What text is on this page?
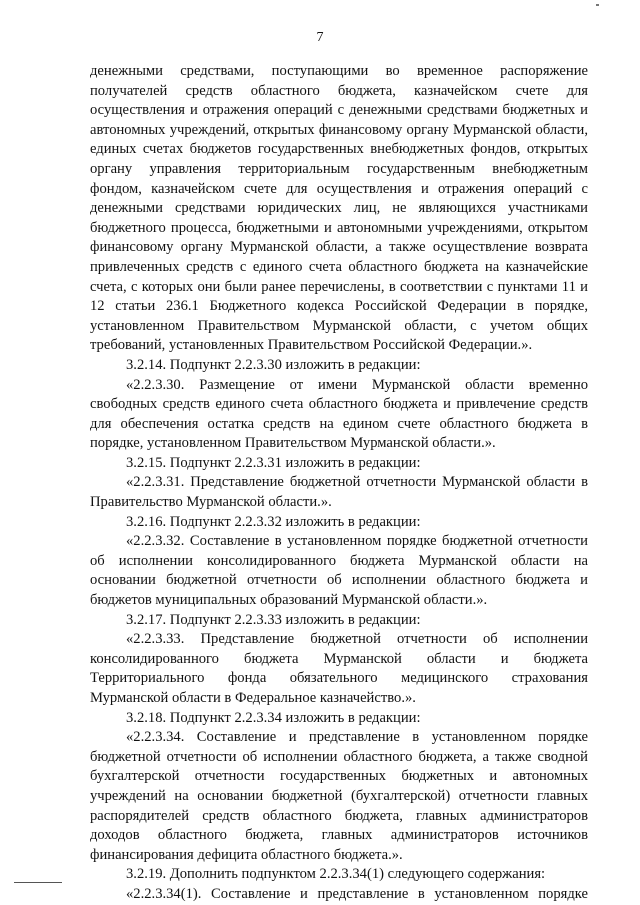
7

денежными средствами, поступающими во временное распоряжение получателей средств областного бюджета, казначейском счете для осуществления и отражения операций с денежными средствами бюджетных и автономных учреждений, открытых финансовому органу Мурманской области, единых счетах бюджетов государственных внебюджетных фондов, открытых органу управления территориальным государственным внебюджетным фондом, казначейском счете для осуществления и отражения операций с денежными средствами юридических лиц, не являющихся участниками бюджетного процесса, бюджетными и автономными учреждениями, открытом финансовому органу Мурманской области, а также осуществление возврата привлеченных средств с единого счета областного бюджета на казначейские счета, с которых они были ранее перечислены, в соответствии с пунктами 11 и 12 статьи 236.1 Бюджетного кодекса Российской Федерации в порядке, установленном Правительством Мурманской области, с учетом общих требований, установленных Правительством Российской Федерации.».

3.2.14. Подпункт 2.2.3.30 изложить в редакции:

«2.2.3.30. Размещение от имени Мурманской области временно свободных средств единого счета областного бюджета и привлечение средств для обеспечения остатка средств на едином счете областного бюджета в порядке, установленном Правительством Мурманской области.».

3.2.15. Подпункт 2.2.3.31 изложить в редакции:

«2.2.3.31. Представление бюджетной отчетности Мурманской области в Правительство Мурманской области.».

3.2.16. Подпункт 2.2.3.32 изложить в редакции:

«2.2.3.32. Составление в установленном порядке бюджетной отчетности об исполнении консолидированного бюджета Мурманской области на основании бюджетной отчетности об исполнении областного бюджета и бюджетов муниципальных образований Мурманской области.».

3.2.17. Подпункт 2.2.3.33 изложить в редакции:

«2.2.3.33. Представление бюджетной отчетности об исполнении консолидированного бюджета Мурманской области и бюджета Территориального фонда обязательного медицинского страхования Мурманской области в Федеральное казначейство.».

3.2.18. Подпункт 2.2.3.34 изложить в редакции:

«2.2.3.34. Составление и представление в установленном порядке бюджетной отчетности об исполнении областного бюджета, а также сводной бухгалтерской отчетности государственных бюджетных и автономных учреждений на основании бюджетной (бухгалтерской) отчетности главных распорядителей средств областного бюджета, главных администраторов доходов областного бюджета, главных администраторов источников финансирования дефицита областного бюджета.».

3.2.19. Дополнить подпунктом 2.2.3.34(1) следующего содержания:

«2.2.3.34(1). Составление и представление в установленном порядке
